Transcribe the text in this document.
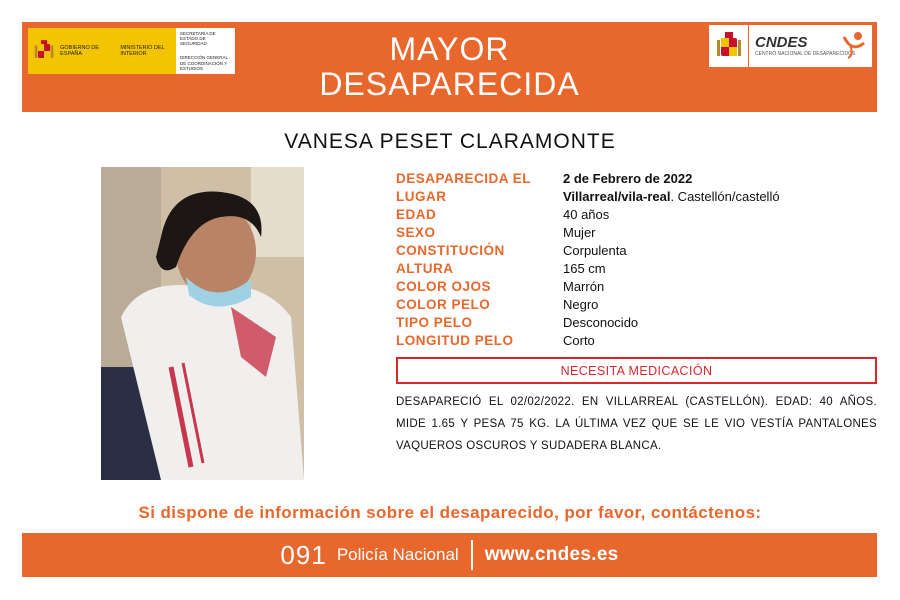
GOBIERNO DE ESPAÑA
MINISTERIO DEL INTERIOR
SECRETARÍA DE ESTADO DE SEGURIDAD
DIRECCIÓN GENERAL DE COORDINACIÓN Y ESTUDIOS
MAYOR
DESAPARECIDA
CNDES
CENTRO NACIONAL DE DESAPARECIDOS
VANESA PESET CLARAMONTE
DESAPARECIDA EL	2 de Febrero de 2022
LUGAR	Villarreal/vila-real. Castellón/castelló
EDAD	40 años
SEXO	Mujer
CONSTITUCIÓN	Corpulenta
ALTURA	165 cm
COLOR OJOS	Marrón
COLOR PELO	Negro
TIPO PELO	Desconocido
LONGITUD PELO	Corto
NECESITA MEDICACIÓN
DESAPARECIÓ EL 02/02/2022. EN VILLARREAL (CASTELLÓN). EDAD: 40 AÑOS. MIDE 1.65 Y PESA 75 KG. LA ÚLTIMA VEZ QUE SE LE VIO VESTÍA PANTALONES VAQUEROS OSCUROS Y SUDADERA BLANCA.
Si dispone de información sobre el desaparecido, por favor, contáctenos:
091 Policía Nacional www.cndes.es
